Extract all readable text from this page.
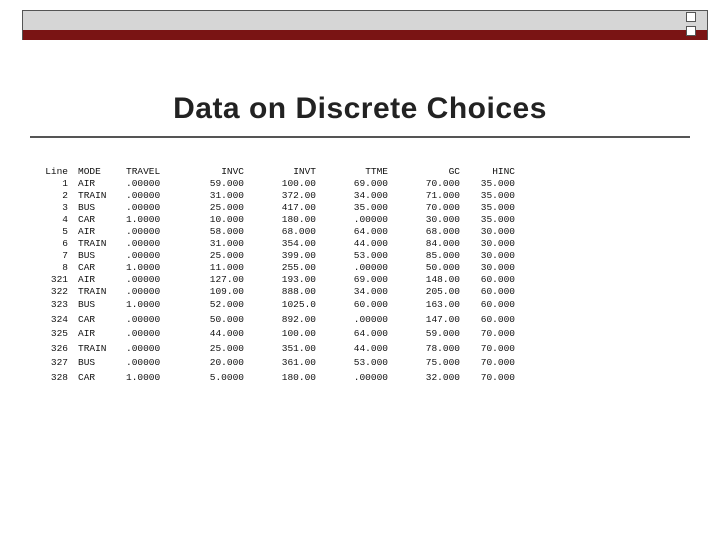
Data on Discrete Choices
Line	MODE	TRAVEL	INVC	INVT	TTME	GC	HINC
1	AIR	.00000	59.000	100.00	69.000	70.000	35.000
2	TRAIN	.00000	31.000	372.00	34.000	71.000	35.000
3	BUS	.00000	25.000	417.00	35.000	70.000	35.000
4	CAR	1.0000	10.000	180.00	.00000	30.000	35.000
5	AIR	.00000	58.000	68.000	64.000	68.000	30.000
6	TRAIN	.00000	31.000	354.00	44.000	84.000	30.000
7	BUS	.00000	25.000	399.00	53.000	85.000	30.000
8	CAR	1.0000	11.000	255.00	.00000	50.000	30.000
321	AIR	.00000	127.00	193.00	69.000	148.00	60.000
322	TRAIN	.00000	109.00	888.00	34.000	205.00	60.000
323	BUS	1.0000	52.000	1025.0	60.000	163.00	60.000
324	CAR	.00000	50.000	892.00	.00000	147.00	60.000
325	AIR	.00000	44.000	100.00	64.000	59.000	70.000
326	TRAIN	.00000	25.000	351.00	44.000	78.000	70.000
327	BUS	.00000	20.000	361.00	53.000	75.000	70.000
328	CAR	1.0000	5.0000	180.00	.00000	32.000	70.000
